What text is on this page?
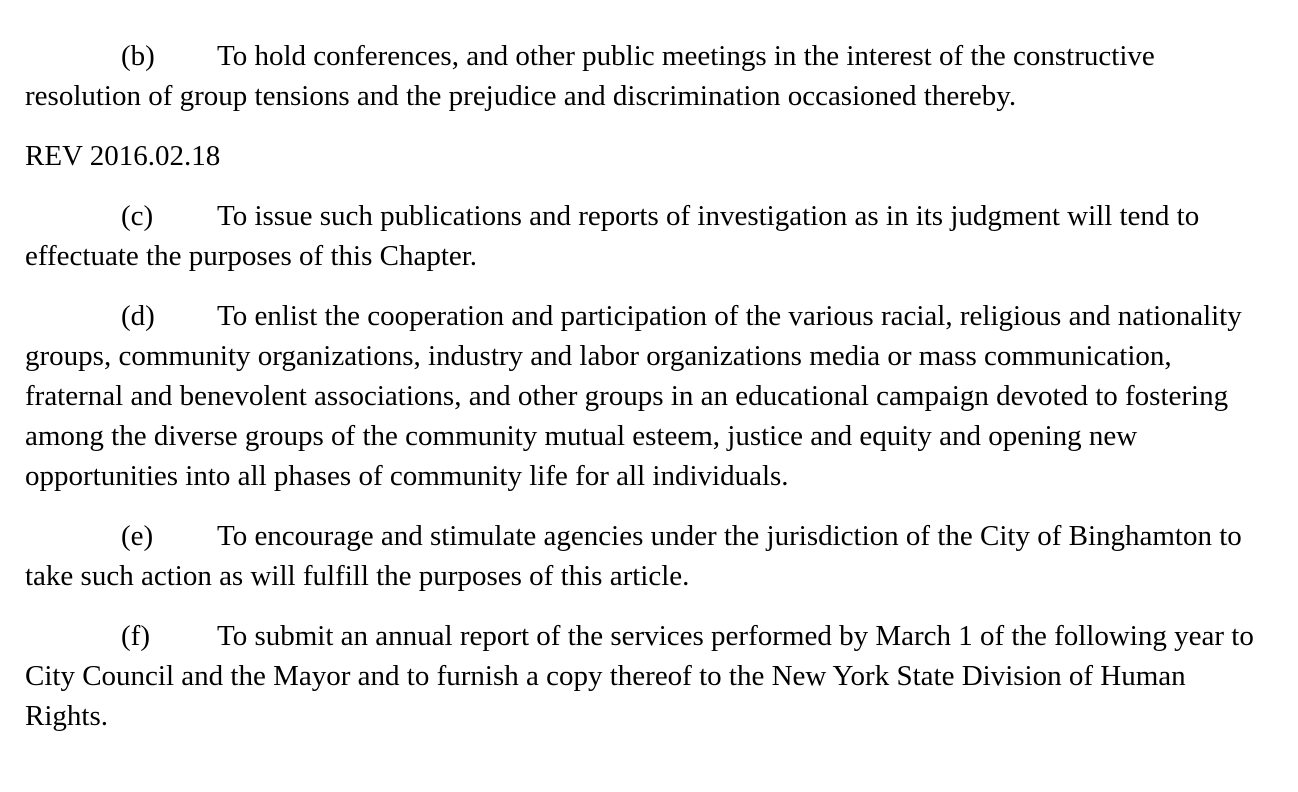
(b) To hold conferences, and other public meetings in the interest of the constructive resolution of group tensions and the prejudice and discrimination occasioned thereby.

REV 2016.02.18

(c) To issue such publications and reports of investigation as in its judgment will tend to effectuate the purposes of this Chapter.

(d) To enlist the cooperation and participation of the various racial, religious and nationality groups, community organizations, industry and labor organizations media or mass communication, fraternal and benevolent associations, and other groups in an educational campaign devoted to fostering among the diverse groups of the community mutual esteem, justice and equity and opening new opportunities into all phases of community life for all individuals.

(e) To encourage and stimulate agencies under the jurisdiction of the City of Binghamton to take such action as will fulfill the purposes of this article.

(f) To submit an annual report of the services performed by March 1 of the following year to City Council and the Mayor and to furnish a copy thereof to the New York State Division of Human Rights.
